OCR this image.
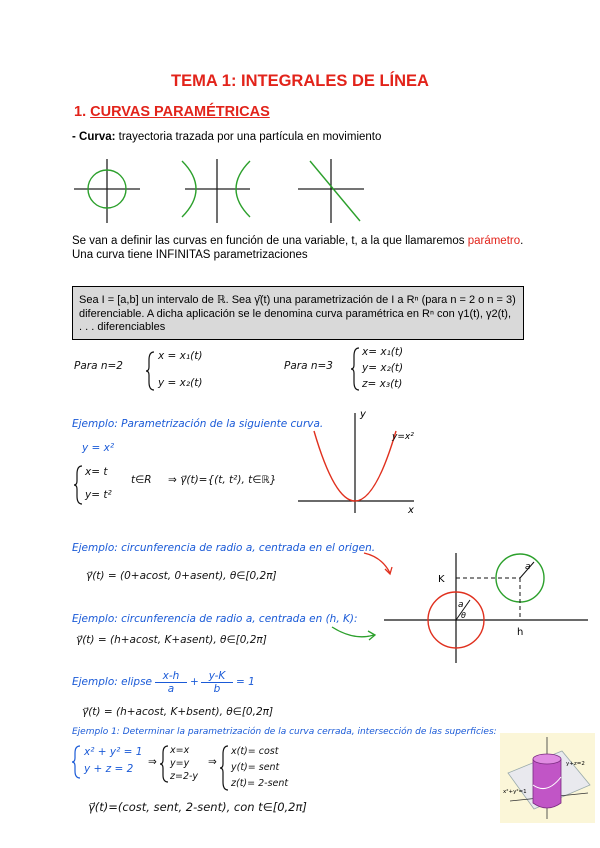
TEMA 1: INTEGRALES DE LÍNEA
1. CURVAS PARAMÉTRICAS
- Curva: trayectoria trazada por una partícula en movimiento
Se van a definir las curvas en función de una variable, t, a la que llamaremos parámetro.
Una curva tiene INFINITAS parametrizaciones
Sea I = [a,b] un intervalo de ℝ. Sea γ̂(t) una parametrización de I a Rⁿ (para n = 2 o n = 3)
diferenciable. A dicha aplicación se le denomina curva paramétrica en Rⁿ con γ1(t), γ2(t),
. . . diferenciables
Para n=2
x = x₁(t)
y = x₂(t)
Para n=3
x= x₁(t)
y= x₂(t)
z= x₃(t)
Ejemplo: Parametrización de la siguiente curva.
y = x²
x= t
y= t²
t∈R ⇒ γ⃗(t)={(t, t²), t∈ℝ}
y
x
y=x²
Ejemplo: circunferencia de radio a, centrada en el origen.
γ⃗(t) = (0+acost, 0+asent), θ∈[0,2π]
Ejemplo: circunferencia de radio a, centrada en (h, K):
γ⃗(t) = (h+acost, K+asent), θ∈[0,2π]
K
h
a
θ
a
Ejemplo: elipse $\frac{x-h}{a} + \frac{y-K}{b} = 1$
γ⃗(t) = (h+acost, K+bsent), θ∈[0,2π]
Ejemplo 1: Determinar la parametrización de la curva cerrada, intersección de las superficies:
x² + y² = 1
y + z = 2
⇒
x=x
y=y
z=2-y
⇒
x(t)= cost
y(t)= sent
z(t)= 2-sent
γ⃗(t)=(cost, sent, 2-sent), con t∈[0,2π]
y+z=2
x²+y²=1
